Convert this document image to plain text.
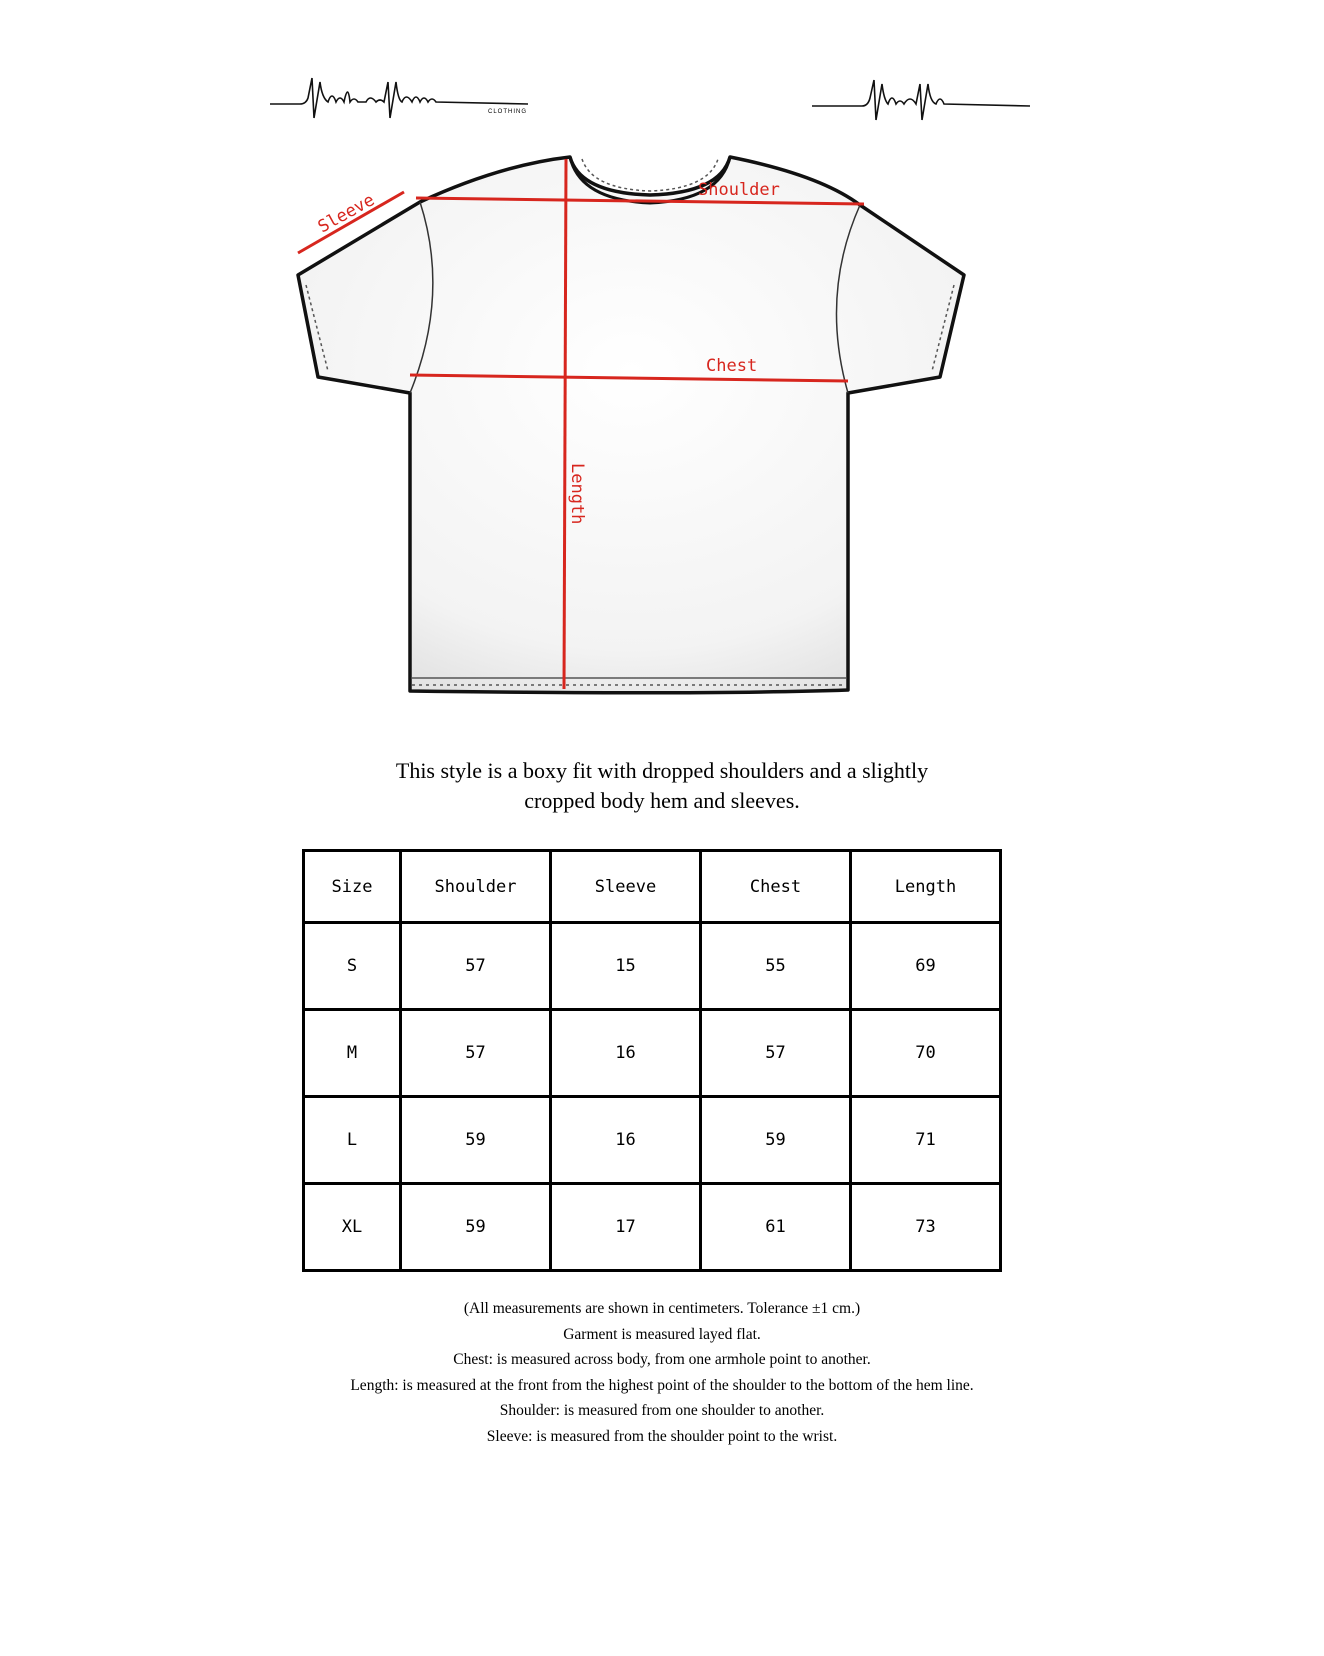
CLOTHING
Sleeve
Shoulder
Chest
Length
This style is a boxy fit with dropped shoulders and a slightly
cropped body hem and sleeves.
Size	Shoulder	Sleeve	Chest	Length
S	57	15	55	69
M	57	16	57	70
L	59	16	59	71
XL	59	17	61	73
(All measurements are shown in centimeters. Tolerance ±1 cm.)
Garment is measured layed flat.
Chest: is measured across body, from one armhole point to another.
Length: is measured at the front from the highest point of the shoulder to the bottom of the hem line.
Shoulder: is measured from one shoulder to another.
Sleeve: is measured from the shoulder point to the wrist.
